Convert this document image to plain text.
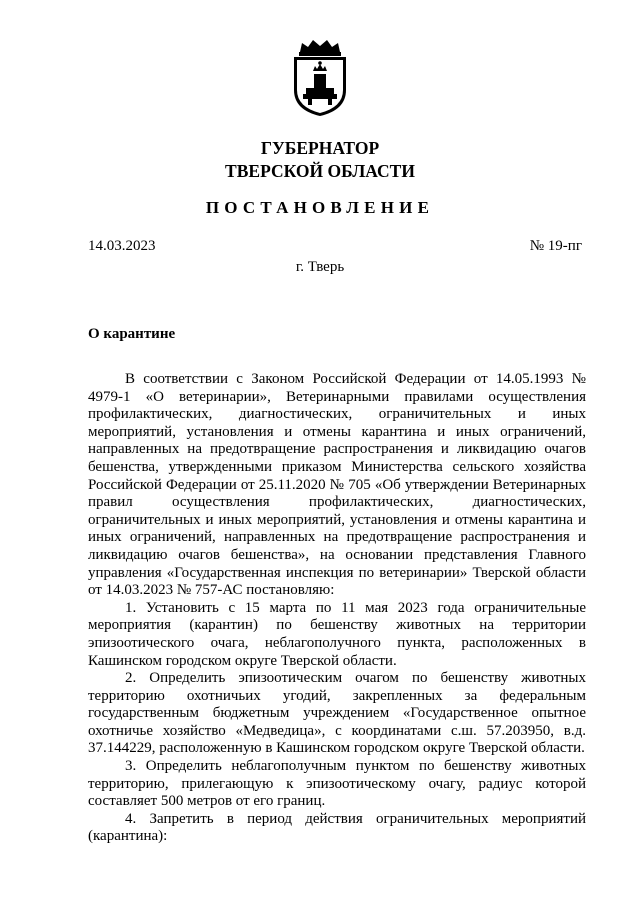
ГУБЕРНАТОР
ТВЕРСКОЙ ОБЛАСТИ
ПОСТАНОВЛЕНИЕ
14.03.2023	№ 19-пг
г. Тверь
О карантине

В соответствии с Законом Российской Федерации от 14.05.1993 № 4979-1 «О ветеринарии», Ветеринарными правилами осуществления профилактических, диагностических, ограничительных и иных мероприятий, установления и отмены карантина и иных ограничений, направленных на предотвращение распространения и ликвидацию очагов бешенства, утвержденными приказом Министерства сельского хозяйства Российской Федерации от 25.11.2020 № 705 «Об утверждении Ветеринарных правил осуществления профилактических, диагностических, ограничительных и иных мероприятий, установления и отмены карантина и иных ограничений, направленных на предотвращение распространения и ликвидацию очагов бешенства», на основании представления Главного управления «Государственная инспекция по ветеринарии» Тверской области от 14.03.2023 № 757-АС постановляю:

1. Установить с 15 марта по 11 мая 2023 года ограничительные мероприятия (карантин) по бешенству животных на территории эпизоотического очага, неблагополучного пункта, расположенных в Кашинском городском округе Тверской области.

2. Определить эпизоотическим очагом по бешенству животных территорию охотничьих угодий, закрепленных за федеральным государственным бюджетным учреждением «Государственное опытное охотничье хозяйство «Медведица», с координатами с.ш. 57.203950, в.д. 37.144229, расположенную в Кашинском городском округе Тверской области.

3. Определить неблагополучным пунктом по бешенству животных территорию, прилегающую к эпизоотическому очагу, радиус которой составляет 500 метров от его границ.

4. Запретить в период действия ограничительных мероприятий (карантина):
